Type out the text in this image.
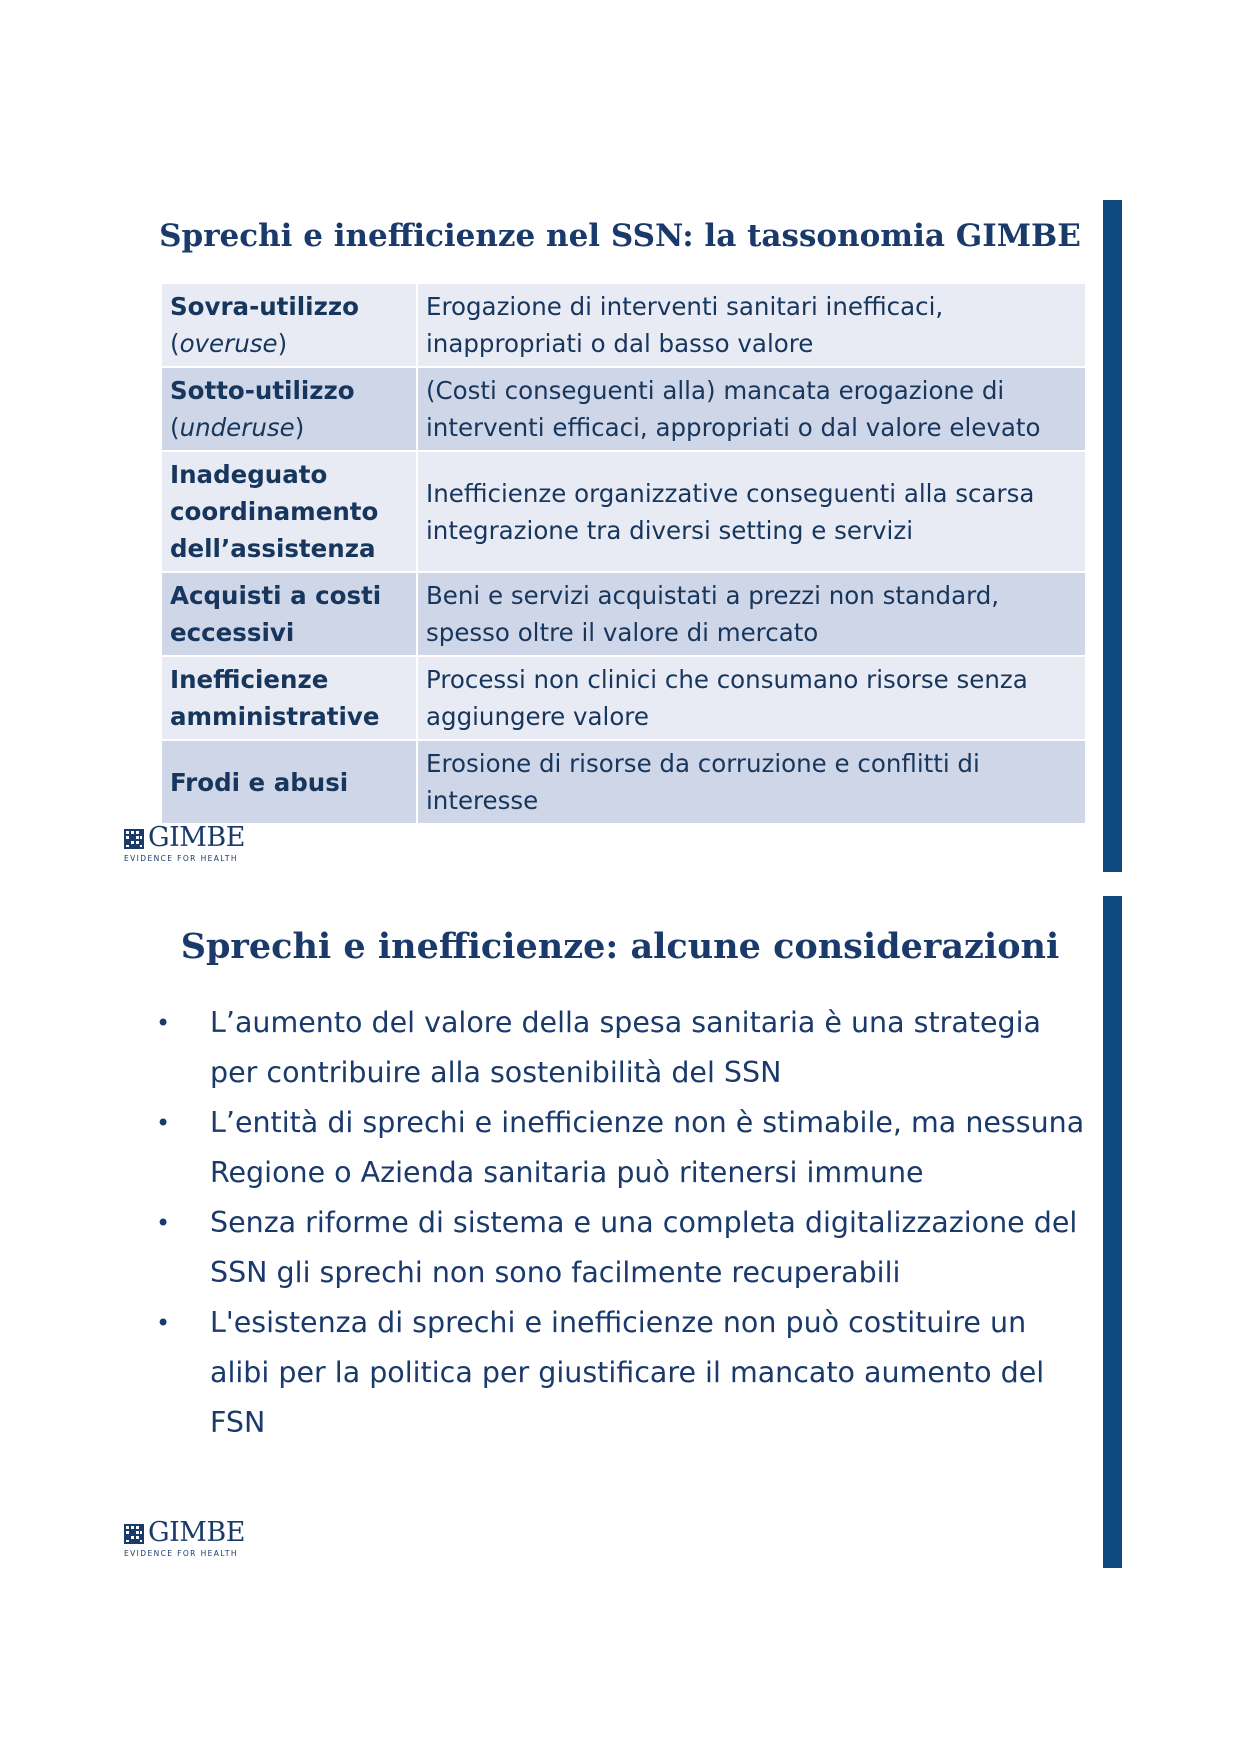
Sprechi e inefficienze nel SSN: la tassonomia GIMBE
Sovra-utilizzo
(overuse)	Erogazione di interventi sanitari inefficaci, inappropriati o dal basso valore
Sotto-utilizzo
(underuse)	(Costi conseguenti alla) mancata erogazione di interventi efficaci, appropriati o dal valore elevato
Inadeguato coordinamento dell’assistenza	Inefficienze organizzative conseguenti alla scarsa integrazione tra diversi setting e servizi
Acquisti a costi eccessivi	Beni e servizi acquistati a prezzi non standard, spesso oltre il valore di mercato
Inefficienze amministrative	Processi non clinici che consumano risorse senza aggiungere valore
Frodi e abusi	Erosione di risorse da corruzione e conflitti di interesse
GIMBE
EVIDENCE FOR HEALTH
Sprechi e inefficienze: alcune considerazioni
• L’aumento del valore della spesa sanitaria è una strategia per contribuire alla sostenibilità del SSN
• L’entità di sprechi e inefficienze non è stimabile, ma nessuna Regione o Azienda sanitaria può ritenersi immune
• Senza riforme di sistema e una completa digitalizzazione del SSN gli sprechi non sono facilmente recuperabili
• L'esistenza di sprechi e inefficienze non può costituire un alibi per la politica per giustificare il mancato aumento del FSN
GIMBE
EVIDENCE FOR HEALTH
